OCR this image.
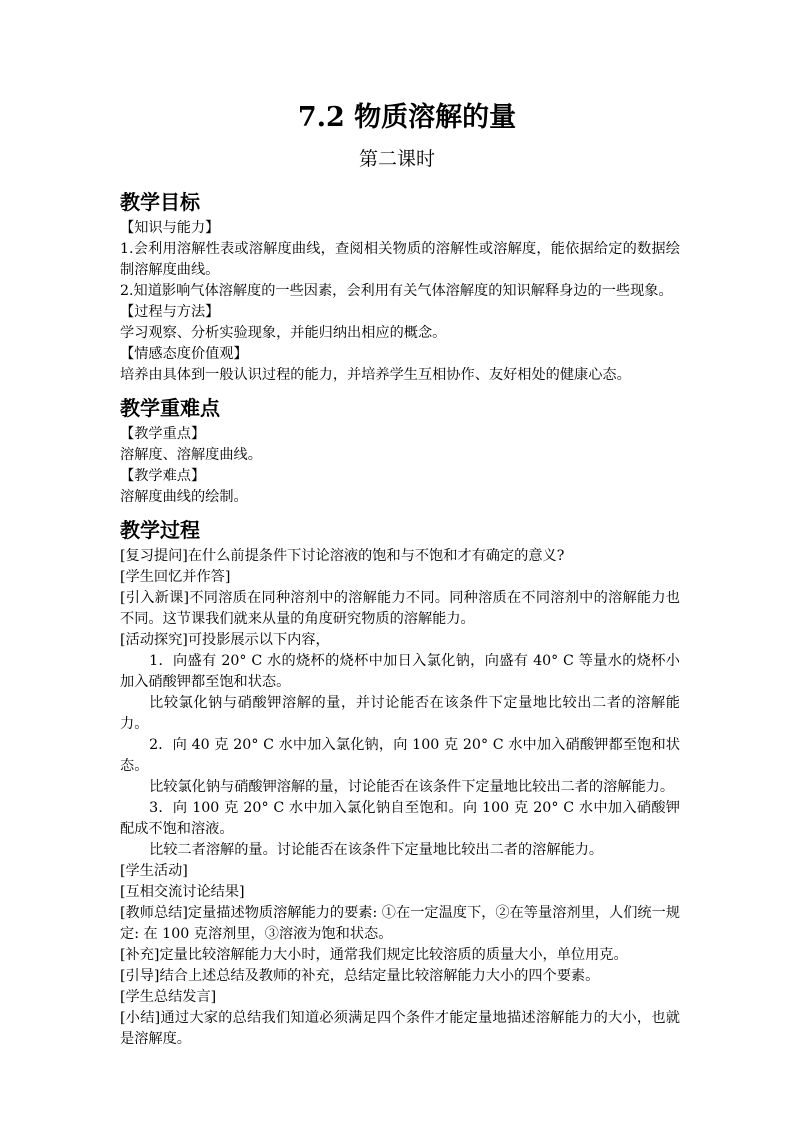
7.2 物质溶解的量
第二课时
教学目标

【知识与能力】

1.会利用溶解性表或溶解度曲线，查阅相关物质的溶解性或溶解度，能依据给定的数据绘制溶解度曲线。

2.知道影响气体溶解度的一些因素，会利用有关气体溶解度的知识解释身边的一些现象。

【过程与方法】

学习观察、分析实验现象，并能归纳出相应的概念。

【情感态度价值观】

培养由具体到一般认识过程的能力，并培养学生互相协作、友好相处的健康心态。

教学重难点

【教学重点】

溶解度、溶解度曲线。

【教学难点】

溶解度曲线的绘制。

教学过程

[复习提问]在什么前提条件下讨论溶液的饱和与不饱和才有确定的意义?

[学生回忆并作答]

[引入新课]不同溶质在同种溶剂中的溶解能力不同。同种溶质在不同溶剂中的溶解能力也不同。这节课我们就来从量的角度研究物质的溶解能力。

[活动探究]可投影展示以下内容，

1．向盛有 20° C 水的烧杯的烧杯中加日入氯化钠，向盛有 40° C 等量水的烧杯小加入硝酸钾都至饱和状态。

比较氯化钠与硝酸钾溶解的量，并讨论能否在该条件下定量地比较出二者的溶解能力。

2．向 40 克 20° C 水中加入氯化钠，向 100 克 20° C 水中加入硝酸钾都至饱和状态。

比较氯化钠与硝酸钾溶解的量，讨论能否在该条件下定量地比较出二者的溶解能力。

3．向 100 克 20° C 水中加入氯化钠自至饱和。向 100 克 20° C 水中加入硝酸钾配成不饱和溶液。

比较二者溶解的量。讨论能否在该条件下定量地比较出二者的溶解能力。

[学生活动]

[互相交流讨论结果]

[教师总结]定量描述物质溶解能力的要素: ①在一定温度下，②在等量溶剂里，人们统一规定: 在 100 克溶剂里，③溶液为饱和状态。

[补充]定量比较溶解能力大小时，通常我们规定比较溶质的质量大小，单位用克。

[引导]结合上述总结及教师的补充，总结定量比较溶解能力大小的四个要素。

[学生总结发言]

[小结]通过大家的总结我们知道必须满足四个条件才能定量地描述溶解能力的大小，也就是溶解度。
